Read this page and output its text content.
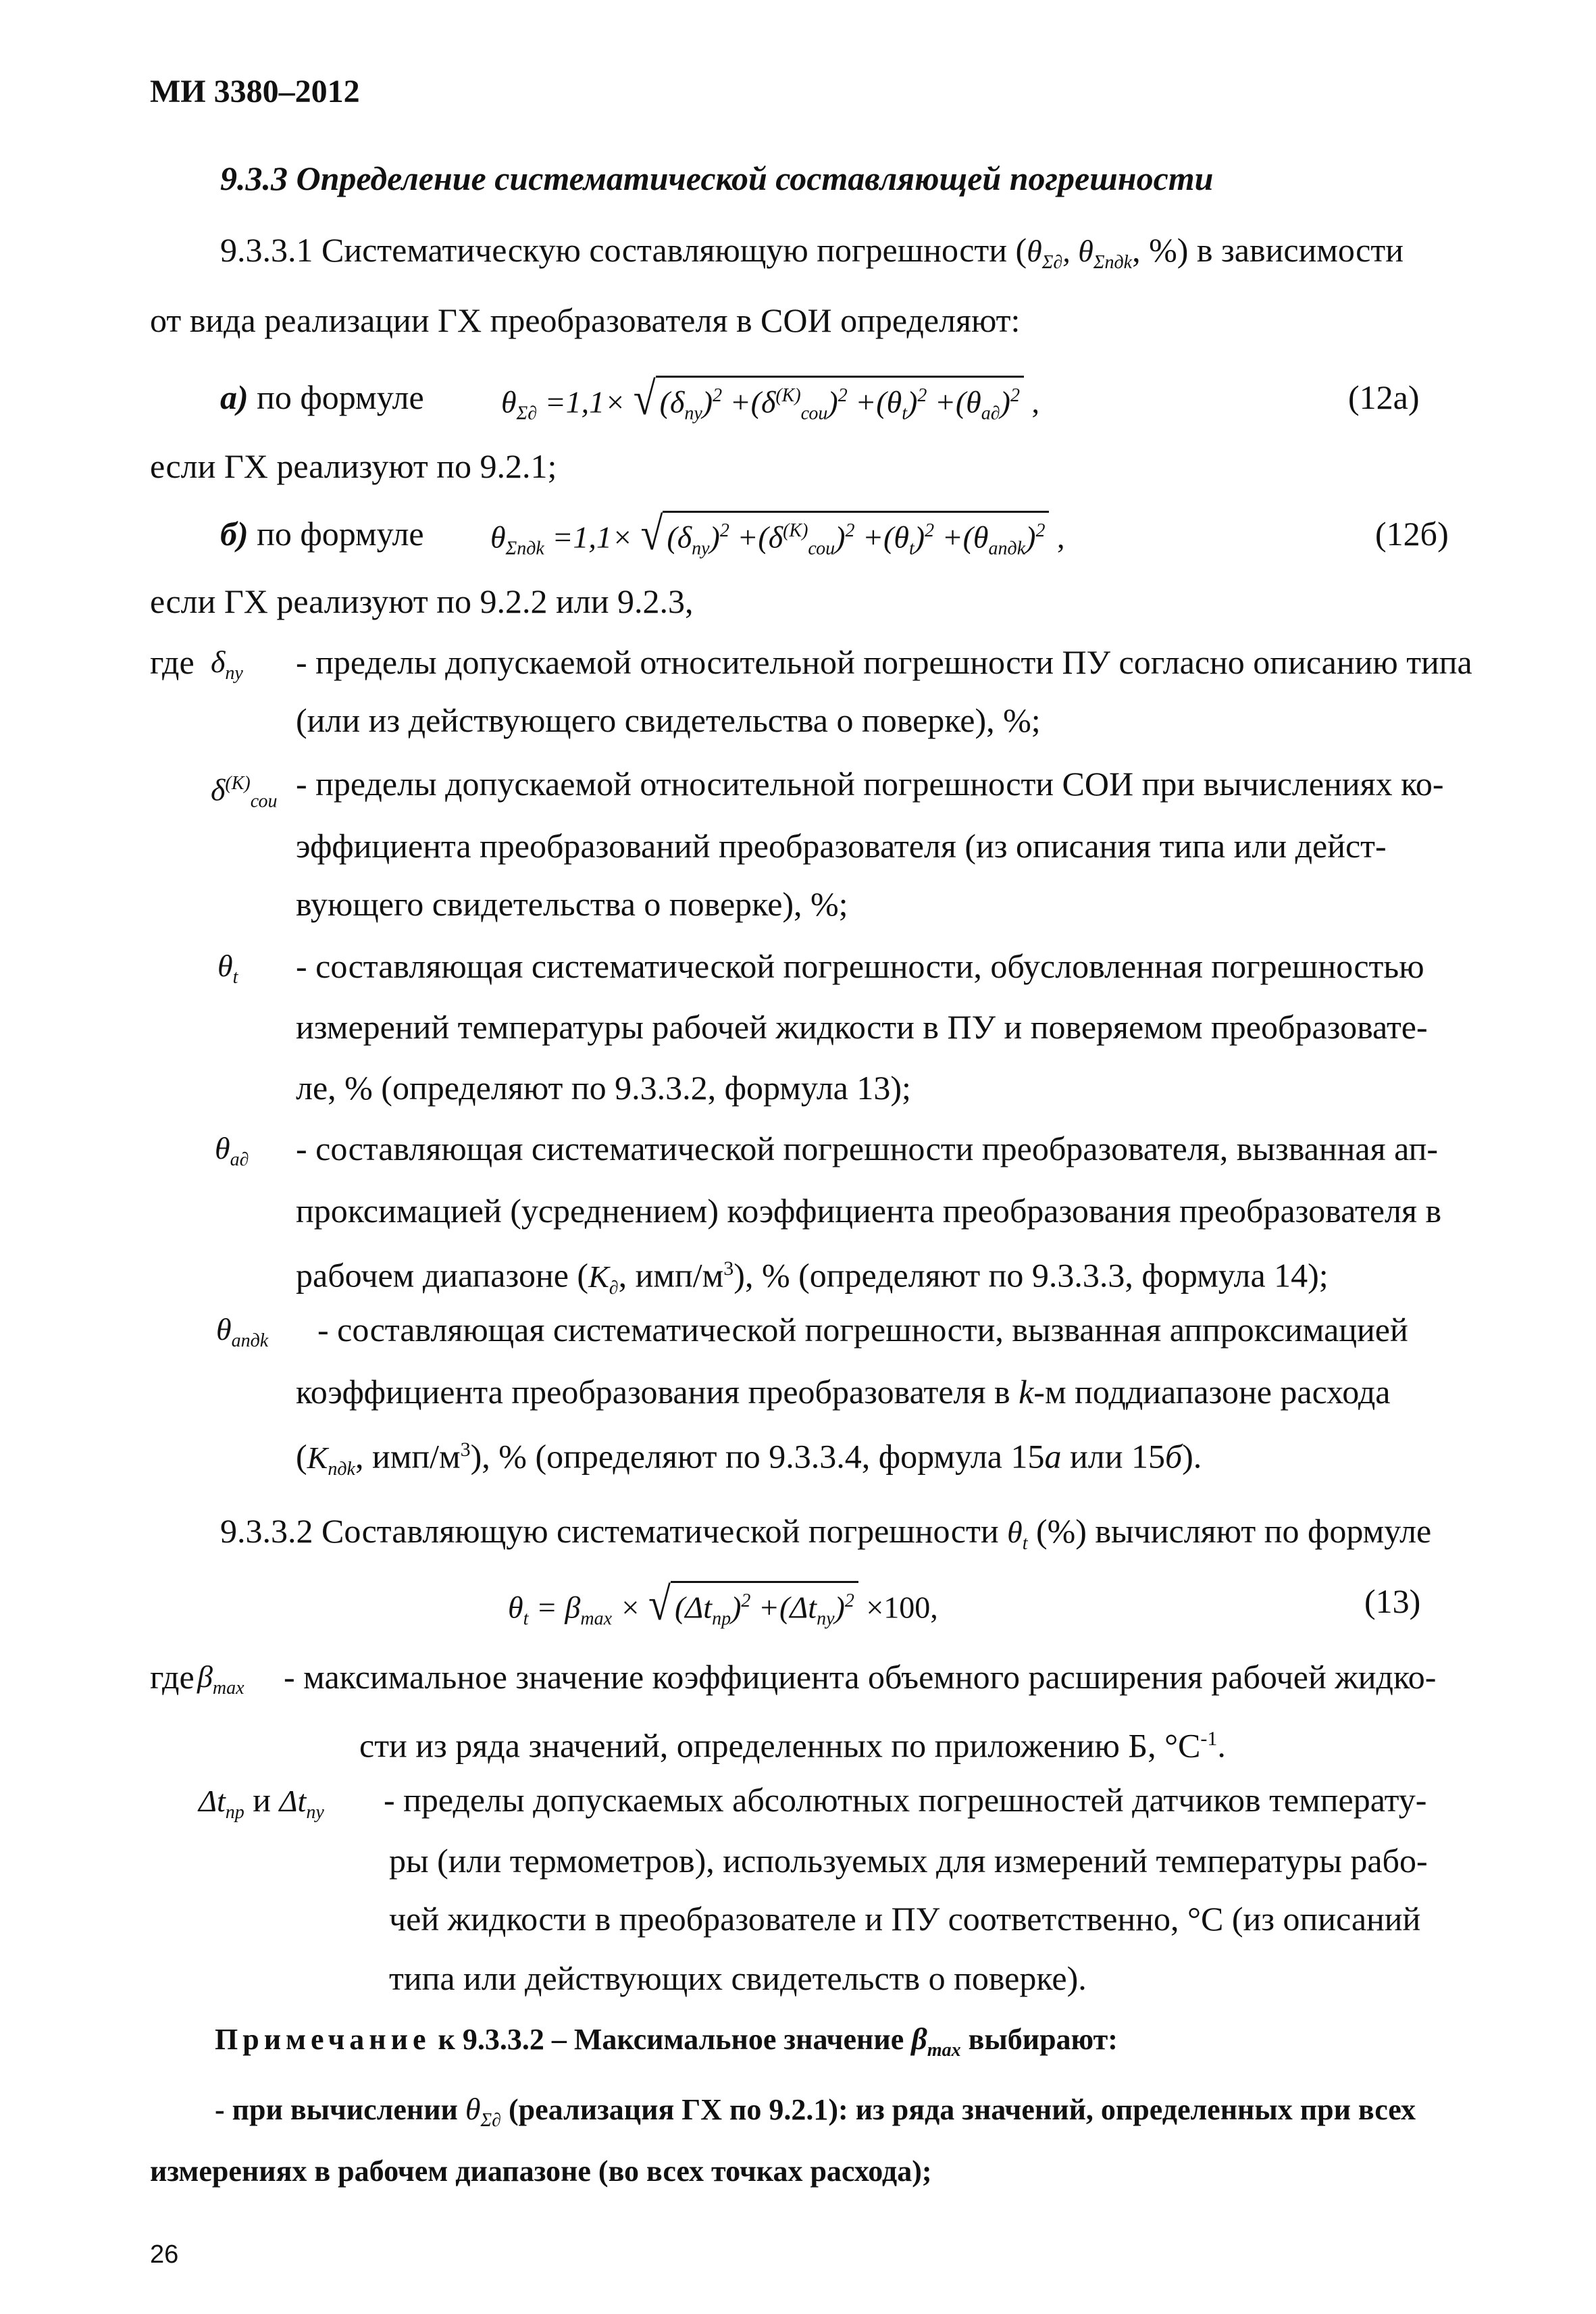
МИ 3380–2012
9.3.3 Определение систематической составляющей погрешности
9.3.3.1 Систематическую составляющую погрешности ($\theta_{\Sigma\partial}$, $\theta_{\Sigma пдk}$, %) в зависимости
от вида реализации ГХ преобразователя в СОИ определяют:
а) по формуле $\theta_{\Sigma\partial} =1,1\times$ √ $(\delta_{пу})^2 +(\delta^{(K)}_{сои})^2 +(\theta_t)^2 +(\theta_{a\partial})^2$ ,	(12а)
если ГХ реализуют по 9.2.1;
б) по формуле $\theta_{\Sigma пдk} =1,1\times$ √ $(\delta_{пу})^2 +(\delta^{(K)}_{сои})^2 +(\theta_t)^2 +(\theta_{aпдk})^2$ ,	(12б)
если ГХ реализуют по 9.2.2 или 9.2.3,
где $\delta_{пу}$ - пределы допускаемой относительной погрешности ПУ согласно описанию типа
(или из действующего свидетельства о поверке), %;
$\delta^{(K)}_{сои}$ - пределы допускаемой относительной погрешности СОИ при вычислениях ко-
эффициента преобразований преобразователя (из описания типа или дейст-
вующего свидетельства о поверке), %;
$\theta_t$ - составляющая систематической погрешности, обусловленная погрешностью
измерений температуры рабочей жидкости в ПУ и поверяемом преобразовате-
ле, % (определяют по 9.3.3.2, формула 13);
$\theta_{a\partial}$ - составляющая систематической погрешности преобразователя, вызванная ап-
проксимацией (усреднением) коэффициента преобразования преобразователя в
рабочем диапазоне ($K_\partial$, имп/$м^3$), % (определяют по 9.3.3.3, формула 14);
$\theta_{aпдk}$ - составляющая систематической погрешности, вызванная аппроксимацией
коэффициента преобразования преобразователя в k-м поддиапазоне расхода
($K_{пдk}$, имп/$м^3$), % (определяют по 9.3.3.4, формула 15а или 15б).
9.3.3.2 Составляющую систематической погрешности $\theta_t$ (%) вычисляют по формуле
$\theta_t = \beta_{max}$ × √ $(\Delta t_{пр})^2 +(\Delta t_{пу})^2 \times 100$,	(13)
где $\beta_{max}$ - максимальное значение коэффициента объемного расширения рабочей жидко-
сти из ряда значений, определенных по приложению Б, $^\circ С^{-1}$.
$\Delta t_{пр}$ и $\Delta t_{пу}$ - пределы допускаемых абсолютных погрешностей датчиков температу-
ры (или термометров), используемых для измерений температуры рабо-
чей жидкости в преобразователе и ПУ соответственно, °С (из описаний
типа или действующих свидетельств о поверке).
Примечание к 9.3.3.2 – Максимальное значение $\beta_{max}$ выбирают:
- при вычислении $\theta_{\Sigma\partial}$ (реализация ГХ по 9.2.1): из ряда значений, определенных при всех
измерениях в рабочем диапазоне (во всех точках расхода);
26
